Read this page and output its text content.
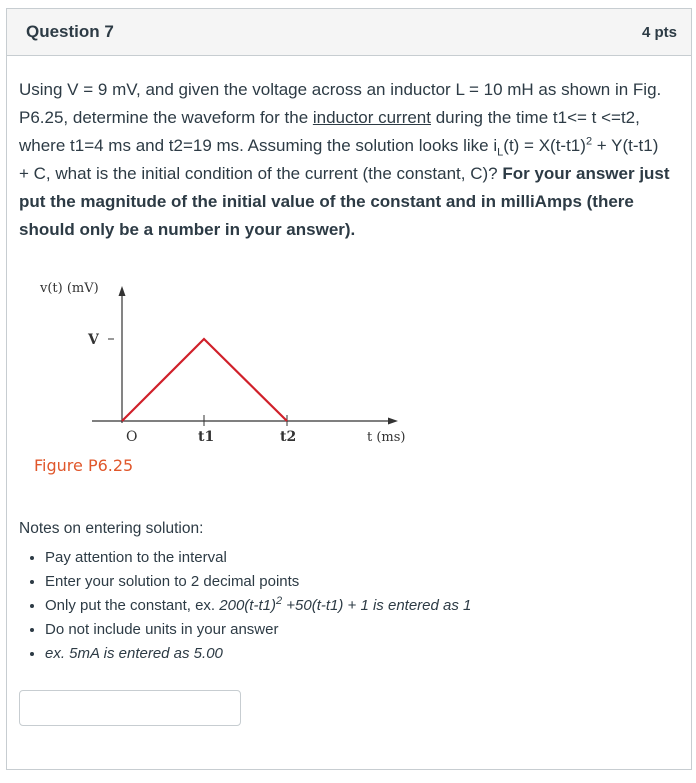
Question 7	4 pts

Using V = 9 mV, and given the voltage across an inductor L = 10 mH as shown in Fig. P6.25, determine the waveform for the inductor current during the time t1<= t <=t2, where t1=4 ms and t2=19 ms. Assuming the solution looks like $i_L(t) = X(t-t1)^2 + Y(t-t1) + C$, what is the initial condition of the current (the constant, C)? For your answer just put the magnitude of the initial value of the constant and in milliAmps (there should only be a number in your answer).

v(t) (mV)
V
O	t1	t2	t (ms)
Figure P6.25
Notes on entering solution:
• Pay attention to the interval
• Enter your solution to 2 decimal points
• Only put the constant, ex. $200(t-t1)^2 +50(t-t1) + 1$ is entered as 1
• Do not include units in your answer
• ex. 5mA is entered as 5.00
